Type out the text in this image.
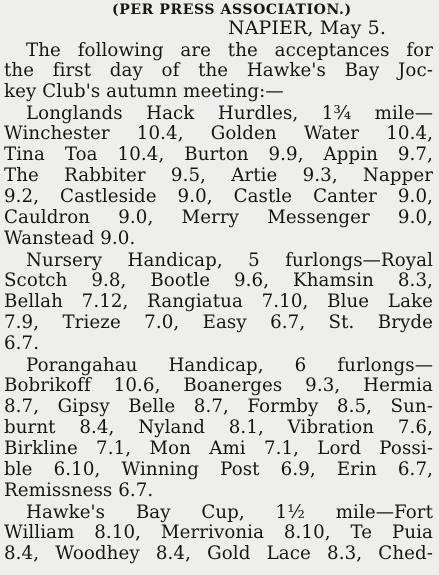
(PER PRESS ASSOCIATION.)
NAPIER, May 5.
The following are the acceptances for
the first day of the Hawke's Bay Joc-
key Club's autumn meeting:—
Longlands Hack Hurdles, 1¾ mile—
Winchester 10.4, Golden Water 10.4,
Tina Toa 10.4, Burton 9.9, Appin 9.7,
The Rabbiter 9.5, Artie 9.3, Napper
9.2, Castleside 9.0, Castle Canter 9.0,
Cauldron 9.0, Merry Messenger 9.0,
Wanstead 9.0.
Nursery Handicap, 5 furlongs—Royal
Scotch 9.8, Bootle 9.6, Khamsin 8.3,
Bellah 7.12, Rangiatua 7.10, Blue Lake
7.9, Trieze 7.0, Easy 6.7, St. Bryde
6.7.
Porangahau Handicap, 6 furlongs—
Bobrikoff 10.6, Boanerges 9.3, Hermia
8.7, Gipsy Belle 8.7, Formby 8.5, Sun-
burnt 8.4, Nyland 8.1, Vibration 7.6,
Birkline 7.1, Mon Ami 7.1, Lord Possi-
ble 6.10, Winning Post 6.9, Erin 6.7,
Remissness 6.7.
Hawke's Bay Cup, 1½ mile—Fort
William 8.10, Merrivonia 8.10, Te Puia
8.4, Woodhey 8.4, Gold Lace 8.3, Ched-
